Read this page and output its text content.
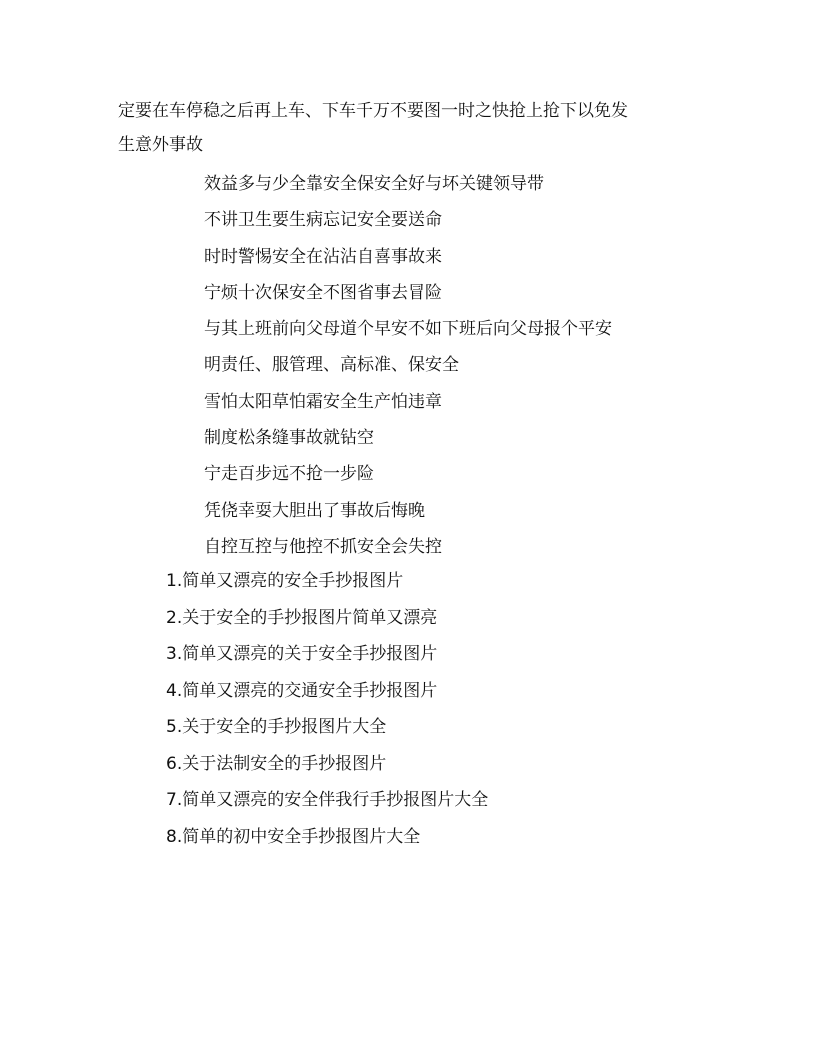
定要在车停稳之后再上车、下车千万不要图一时之快抢上抢下以免发
生意外事故

效益多与少全靠安全保安全好与坏关键领导带
不讲卫生要生病忘记安全要送命
时时警惕安全在沾沾自喜事故来
宁烦十次保安全不图省事去冒险
与其上班前向父母道个早安不如下班后向父母报个平安
明责任、服管理、高标准、保安全
雪怕太阳草怕霜安全生产怕违章
制度松条缝事故就钻空
宁走百步远不抢一步险
凭侥幸耍大胆出了事故后悔晚
自控互控与他控不抓安全会失控
1.简单又漂亮的安全手抄报图片
2.关于安全的手抄报图片简单又漂亮
3.简单又漂亮的关于安全手抄报图片
4.简单又漂亮的交通安全手抄报图片
5.关于安全的手抄报图片大全
6.关于法制安全的手抄报图片
7.简单又漂亮的安全伴我行手抄报图片大全
8.简单的初中安全手抄报图片大全
